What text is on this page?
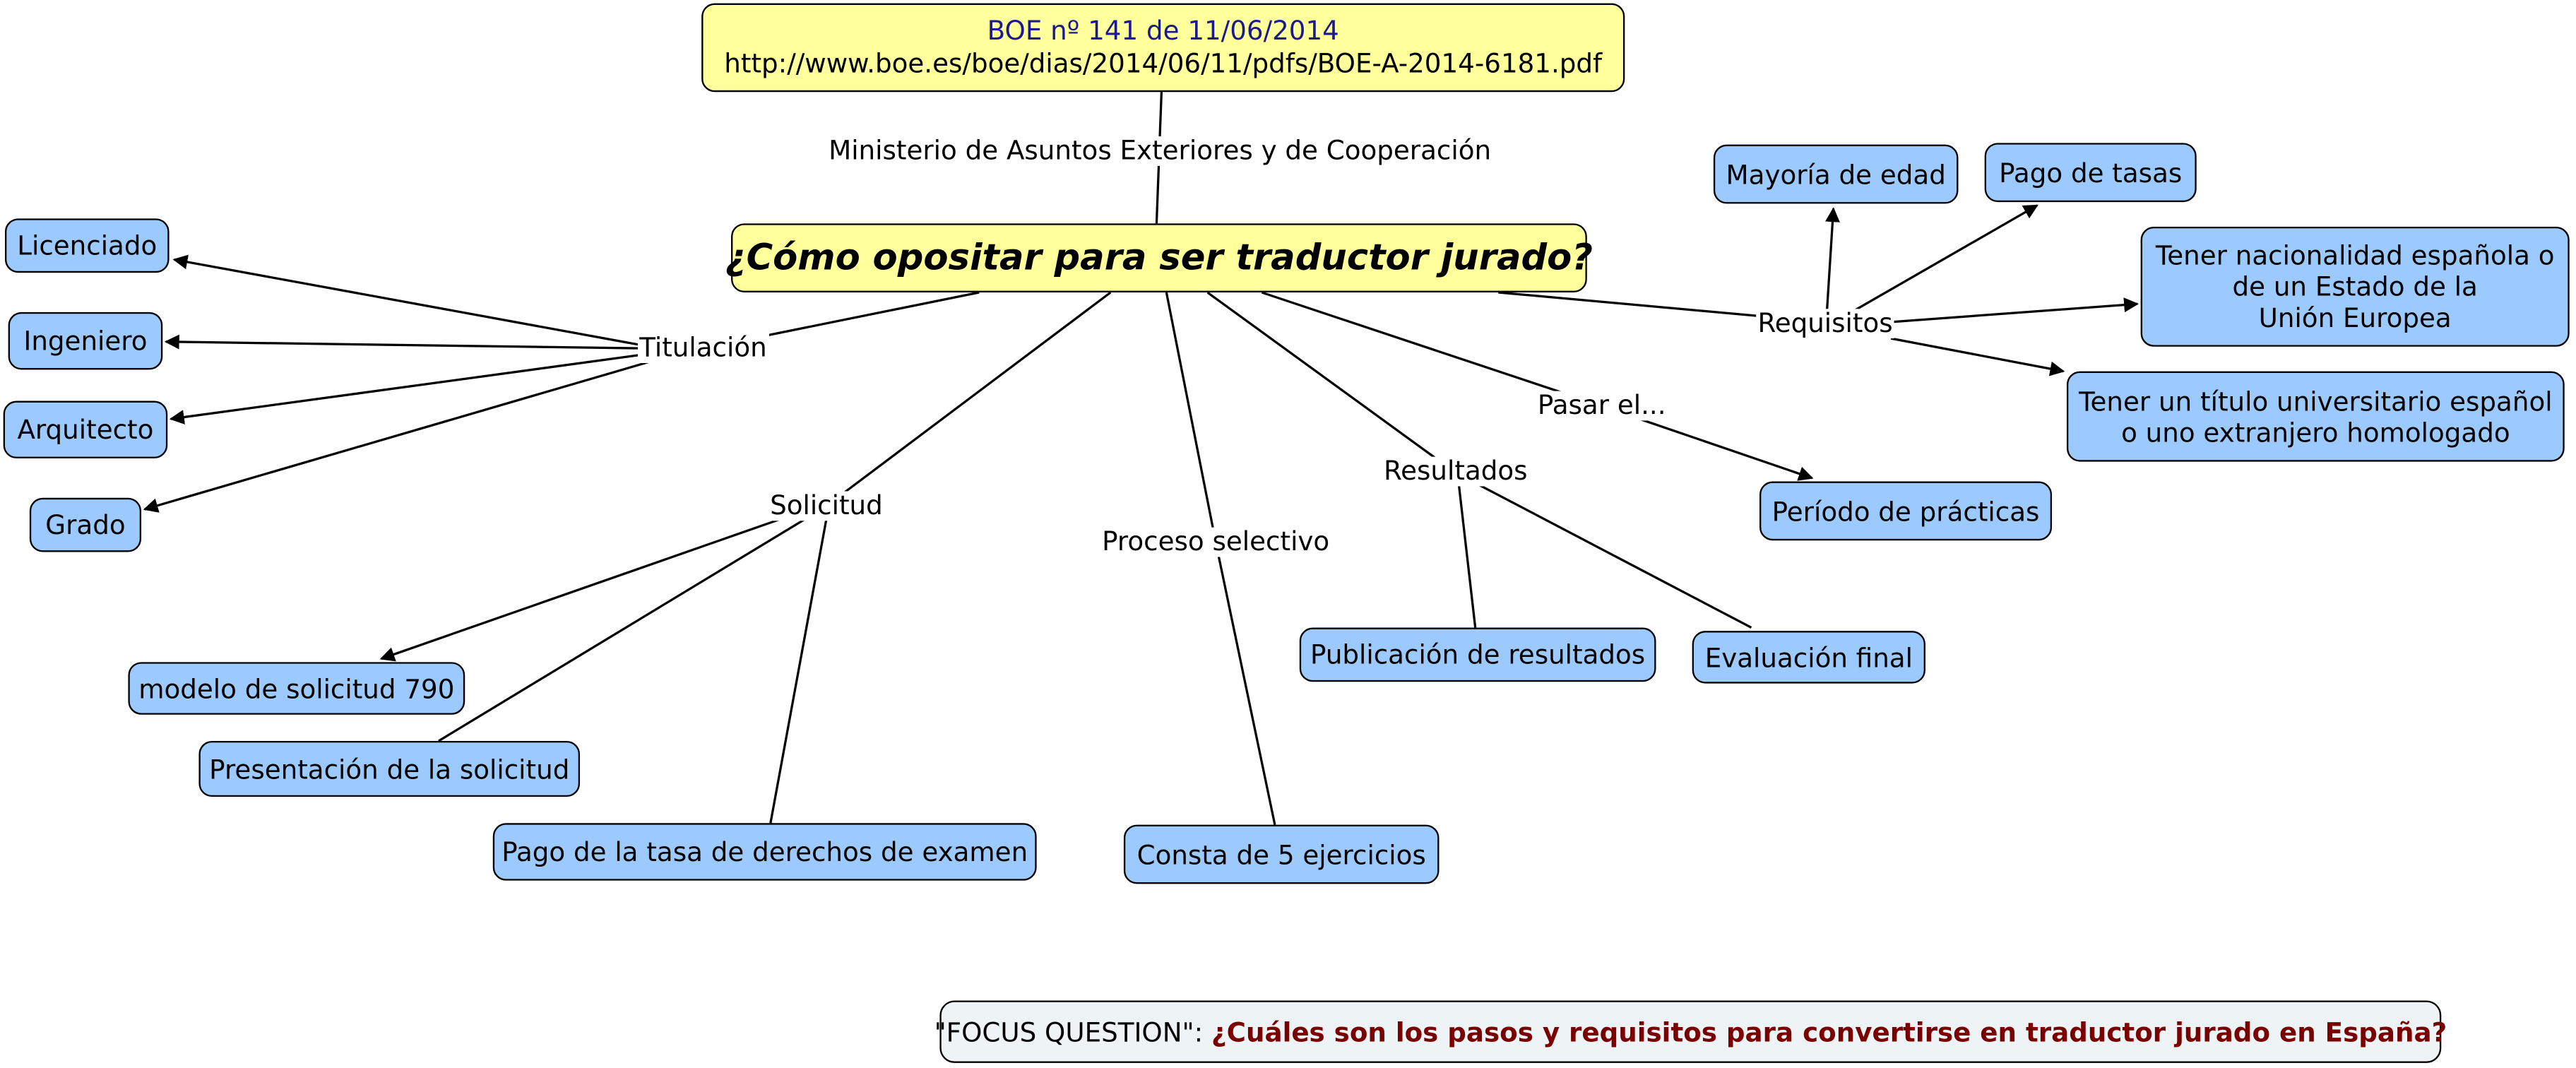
BOE nº 141 de 11/06/2014
http://www.boe.es/boe/dias/2014/06/11/pdfs/BOE-A-2014-6181.pdf
¿Cómo opositar para ser traductor jurado?
Ministerio de Asuntos Exteriores y de Cooperación
Titulación
Requisitos
Pasar el...
Solicitud
Proceso selectivo
Resultados
Licenciado
Ingeniero
Arquitecto
Grado
Mayoría de edad	Pago de tasas
Tener nacionalidad española o
de un Estado de la
Unión Europea
Tener un título universitario español
o uno extranjero homologado
Período de prácticas
modelo de solicitud 790
Presentación de la solicitud
Pago de la tasa de derechos de examen	Consta de 5 ejercicios
Publicación de resultados	Evaluación final
"FOCUS QUESTION":
¿Cuáles son los pasos y requisitos para convertirse en traductor jurado en España?
